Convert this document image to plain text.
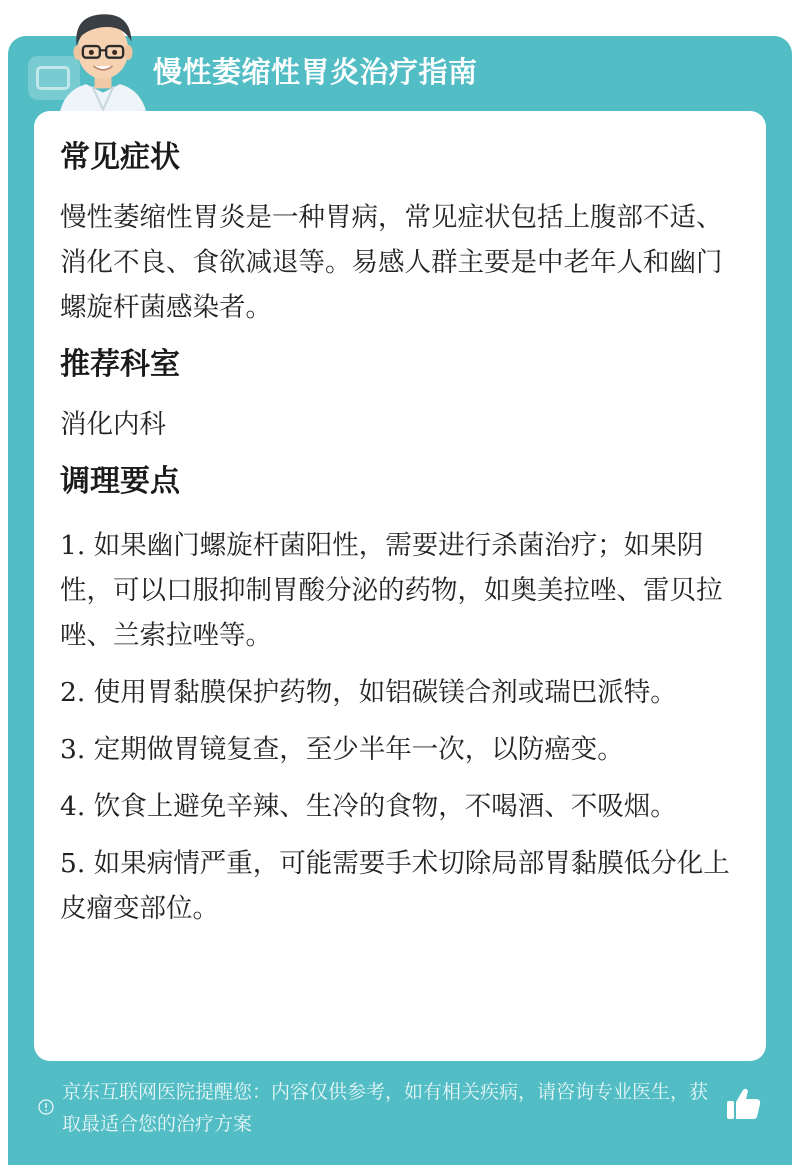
慢性萎缩性胃炎治疗指南
常见症状

慢性萎缩性胃炎是一种胃病，常见症状包括上腹部不适、消化不良、食欲减退等。易感人群主要是中老年人和幽门螺旋杆菌感染者。

推荐科室

消化内科

调理要点

1. 如果幽门螺旋杆菌阳性，需要进行杀菌治疗；如果阴性，可以口服抑制胃酸分泌的药物，如奥美拉唑、雷贝拉唑、兰索拉唑等。

2. 使用胃黏膜保护药物，如铝碳镁合剂或瑞巴派特。

3. 定期做胃镜复查，至少半年一次，以防癌变。

4. 饮食上避免辛辣、生冷的食物，不喝酒、不吸烟。

5. 如果病情严重，可能需要手术切除局部胃黏膜低分化上皮瘤变部位。

京东互联网医院提醒您：内容仅供参考，如有相关疾病，请咨询专业医生，获取最适合您的治疗方案
